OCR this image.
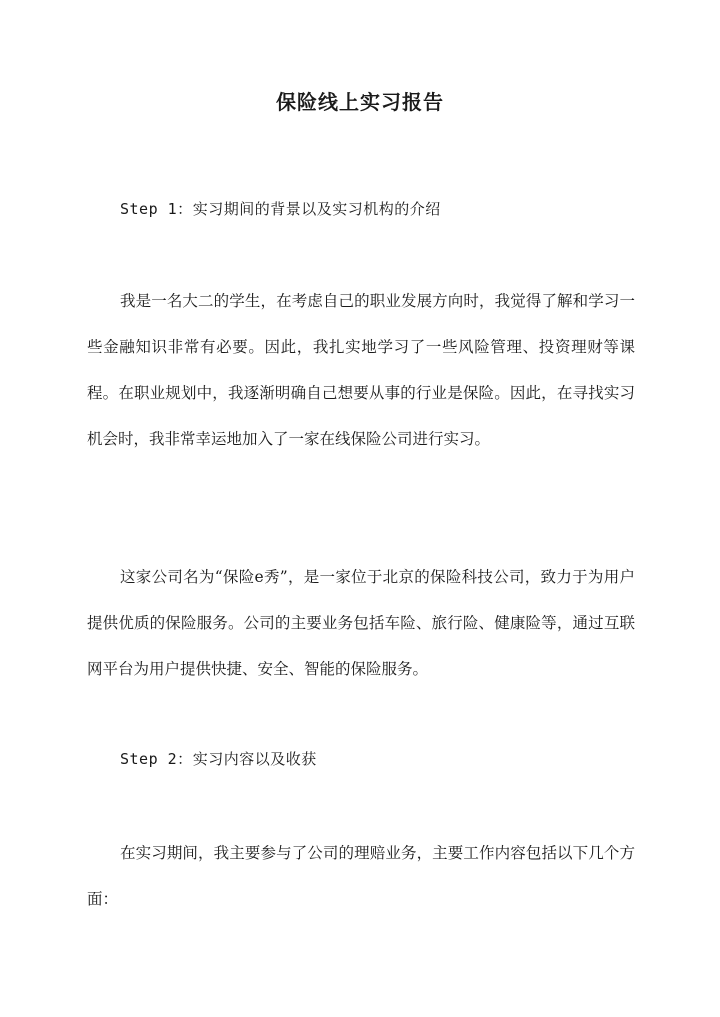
保险线上实习报告
Step 1：实习期间的背景以及实习机构的介绍
我是一名大二的学生，在考虑自己的职业发展方向时，我觉得了解和学习一些金融知识非常有必要。因此，我扎实地学习了一些风险管理、投资理财等课程。在职业规划中，我逐渐明确自己想要从事的行业是保险。因此，在寻找实习机会时，我非常幸运地加入了一家在线保险公司进行实习。
这家公司名为“保险e秀”，是一家位于北京的保险科技公司，致力于为用户提供优质的保险服务。公司的主要业务包括车险、旅行险、健康险等，通过互联网平台为用户提供快捷、安全、智能的保险服务。
Step 2：实习内容以及收获
在实习期间，我主要参与了公司的理赔业务，主要工作内容包括以下几个方面：
